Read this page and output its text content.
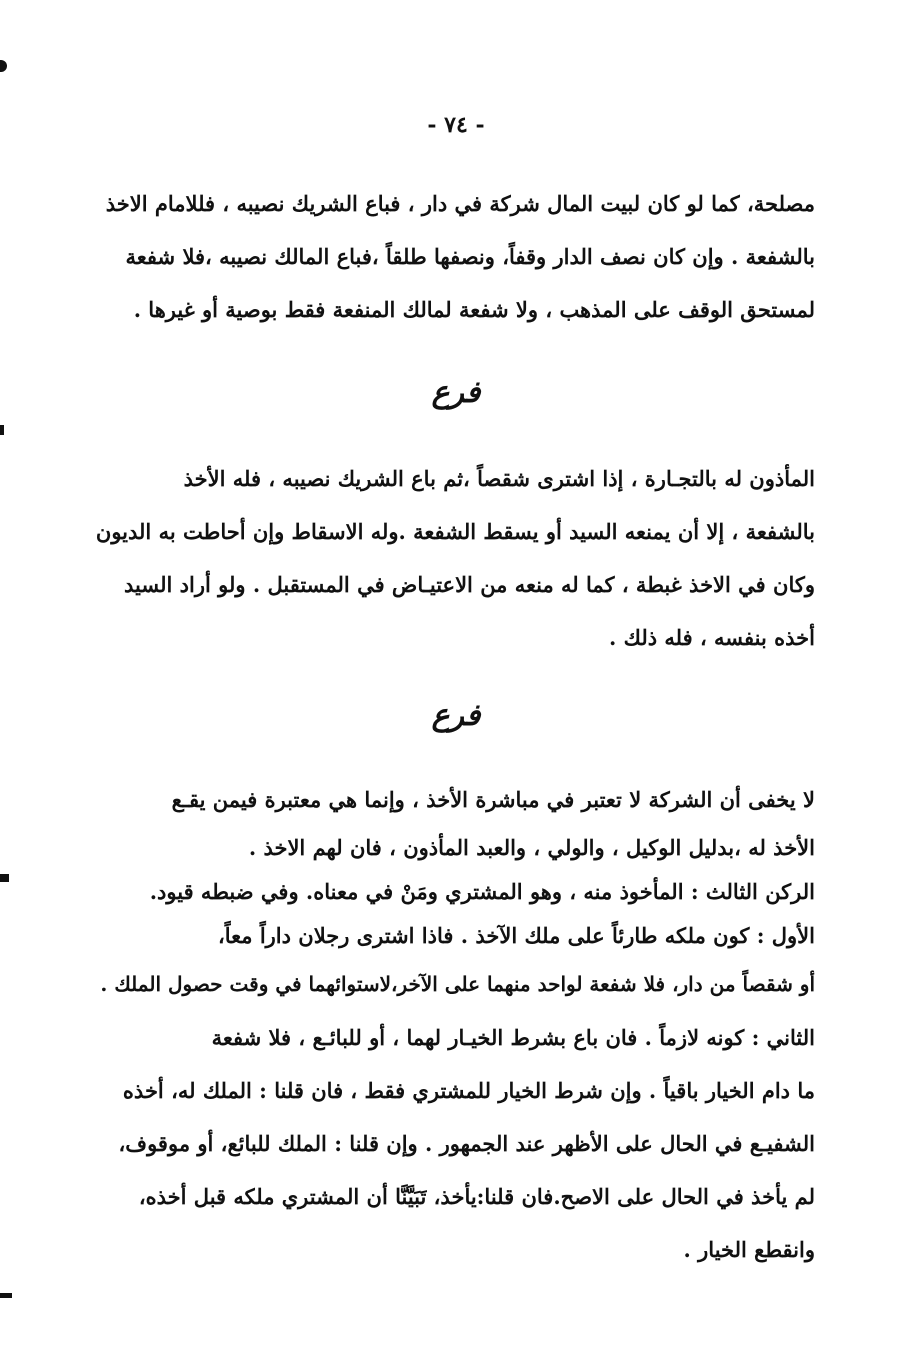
- ٧٤ -
مصلحة، كما لو كان لبيت المال شركة في دار ، فباع الشريك نصيبه ، فللامام الاخذ
بالشفعة . وإن كان نصف الدار وقفاً، ونصفها طلقاً ،فباع المالك نصيبه ،فلا شفعة
لمستحق الوقف على المذهب ، ولا شفعة لمالك المنفعة فقط بوصية أو غيرها .
فرع
المأذون له بالتجـارة ، إذا اشترى شقصاً ،ثم باع الشريك نصيبه ، فله الأخذ
بالشفعة ، إلا أن يمنعه السيد أو يسقط الشفعة .وله الاسقاط وإن أحاطت به الديون
وكان في الاخذ غبطة ، كما له منعه من الاعتيـاض في المستقبل . ولو أراد السيد
أخذه بنفسه ، فله ذلك .
فرع
لا يخفى أن الشركة لا تعتبر في مباشرة الأخذ ، وإنما هي معتبرة فيمن يقـع
الأخذ له ،بدليل الوكيل ، والولي ، والعبد المأذون ، فان لهم الاخذ .
الركن الثالث : المأخوذ منه ، وهو المشتري ومَنْ في معناه. وفي ضبطه قيود.
الأول : كون ملكه طارئاً على ملك الآخذ . فاذا اشترى رجلان داراً معاً،
أو شقصاً من دار، فلا شفعة لواحد منهما على الآخر،لاستوائهما في وقت حصول الملك .
الثاني : كونه لازماً . فان باع بشرط الخيـار لهما ، أو للبائـع ، فلا شفعة
ما دام الخيار باقياً . وإن شرط الخيار للمشتري فقط ، فان قلنا : الملك له، أخذه
الشفيـع في الحال على الأظهر عند الجمهور . وإن قلنا : الملك للبائع، أو موقوف،
لم يأخذ في الحال على الاصح.فان قلنا:يأخذ، تَبَيَّنَّا أن المشتري ملكه قبل أخذه،
وانقطع الخيار .
